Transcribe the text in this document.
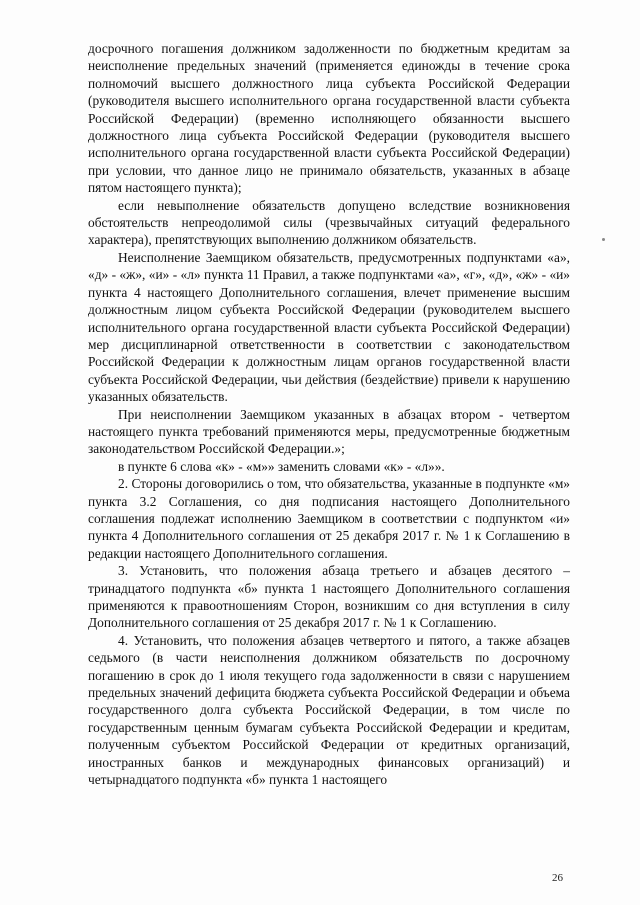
досрочного погашения должником задолженности по бюджетным кредитам за неисполнение предельных значений (применяется единожды в течение срока полномочий высшего должностного лица субъекта Российской Федерации (руководителя высшего исполнительного органа государственной власти субъекта Российской Федерации) (временно исполняющего обязанности высшего должностного лица субъекта Российской Федерации (руководителя высшего исполнительного органа государственной власти субъекта Российской Федерации) при условии, что данное лицо не принимало обязательств, указанных в абзаце пятом настоящего пункта);

если невыполнение обязательств допущено вследствие возникновения обстоятельств непреодолимой силы (чрезвычайных ситуаций федерального характера), препятствующих выполнению должником обязательств.

Неисполнение Заемщиком обязательств, предусмотренных подпунктами «а», «д» - «ж», «и» - «л» пункта 11 Правил, а также подпунктами «а», «г», «д», «ж» - «и» пункта 4 настоящего Дополнительного соглашения, влечет применение высшим должностным лицом субъекта Российской Федерации (руководителем высшего исполнительного органа государственной власти субъекта Российской Федерации) мер дисциплинарной ответственности в соответствии с законодательством Российской Федерации к должностным лицам органов государственной власти субъекта Российской Федерации, чьи действия (бездействие) привели к нарушению указанных обязательств.

При неисполнении Заемщиком указанных в абзацах втором - четвертом настоящего пункта требований применяются меры, предусмотренные бюджетным законодательством Российской Федерации.»;

в пункте 6 слова «к» - «м»» заменить словами «к» - «л»».

2. Стороны договорились о том, что обязательства, указанные в подпункте «м» пункта 3.2 Соглашения, со дня подписания настоящего Дополнительного соглашения подлежат исполнению Заемщиком в соответствии с подпунктом «и» пункта 4 Дополнительного соглашения от 25 декабря 2017 г. № 1 к Соглашению в редакции настоящего Дополнительного соглашения.

3. Установить, что положения абзаца третьего и абзацев десятого – тринадцатого подпункта «б» пункта 1 настоящего Дополнительного соглашения применяются к правоотношениям Сторон, возникшим со дня вступления в силу Дополнительного соглашения от 25 декабря 2017 г. № 1 к Соглашению.

4. Установить, что положения абзацев четвертого и пятого, а также абзацев седьмого (в части неисполнения должником обязательств по досрочному погашению в срок до 1 июля текущего года задолженности в связи с нарушением предельных значений дефицита бюджета субъекта Российской Федерации и объема государственного долга субъекта Российской Федерации, в том числе по государственным ценным бумагам субъекта Российской Федерации и кредитам, полученным субъектом Российской Федерации от кредитных организаций, иностранных банков и международных финансовых организаций) и четырнадцатого подпункта «б» пункта 1 настоящего

26
